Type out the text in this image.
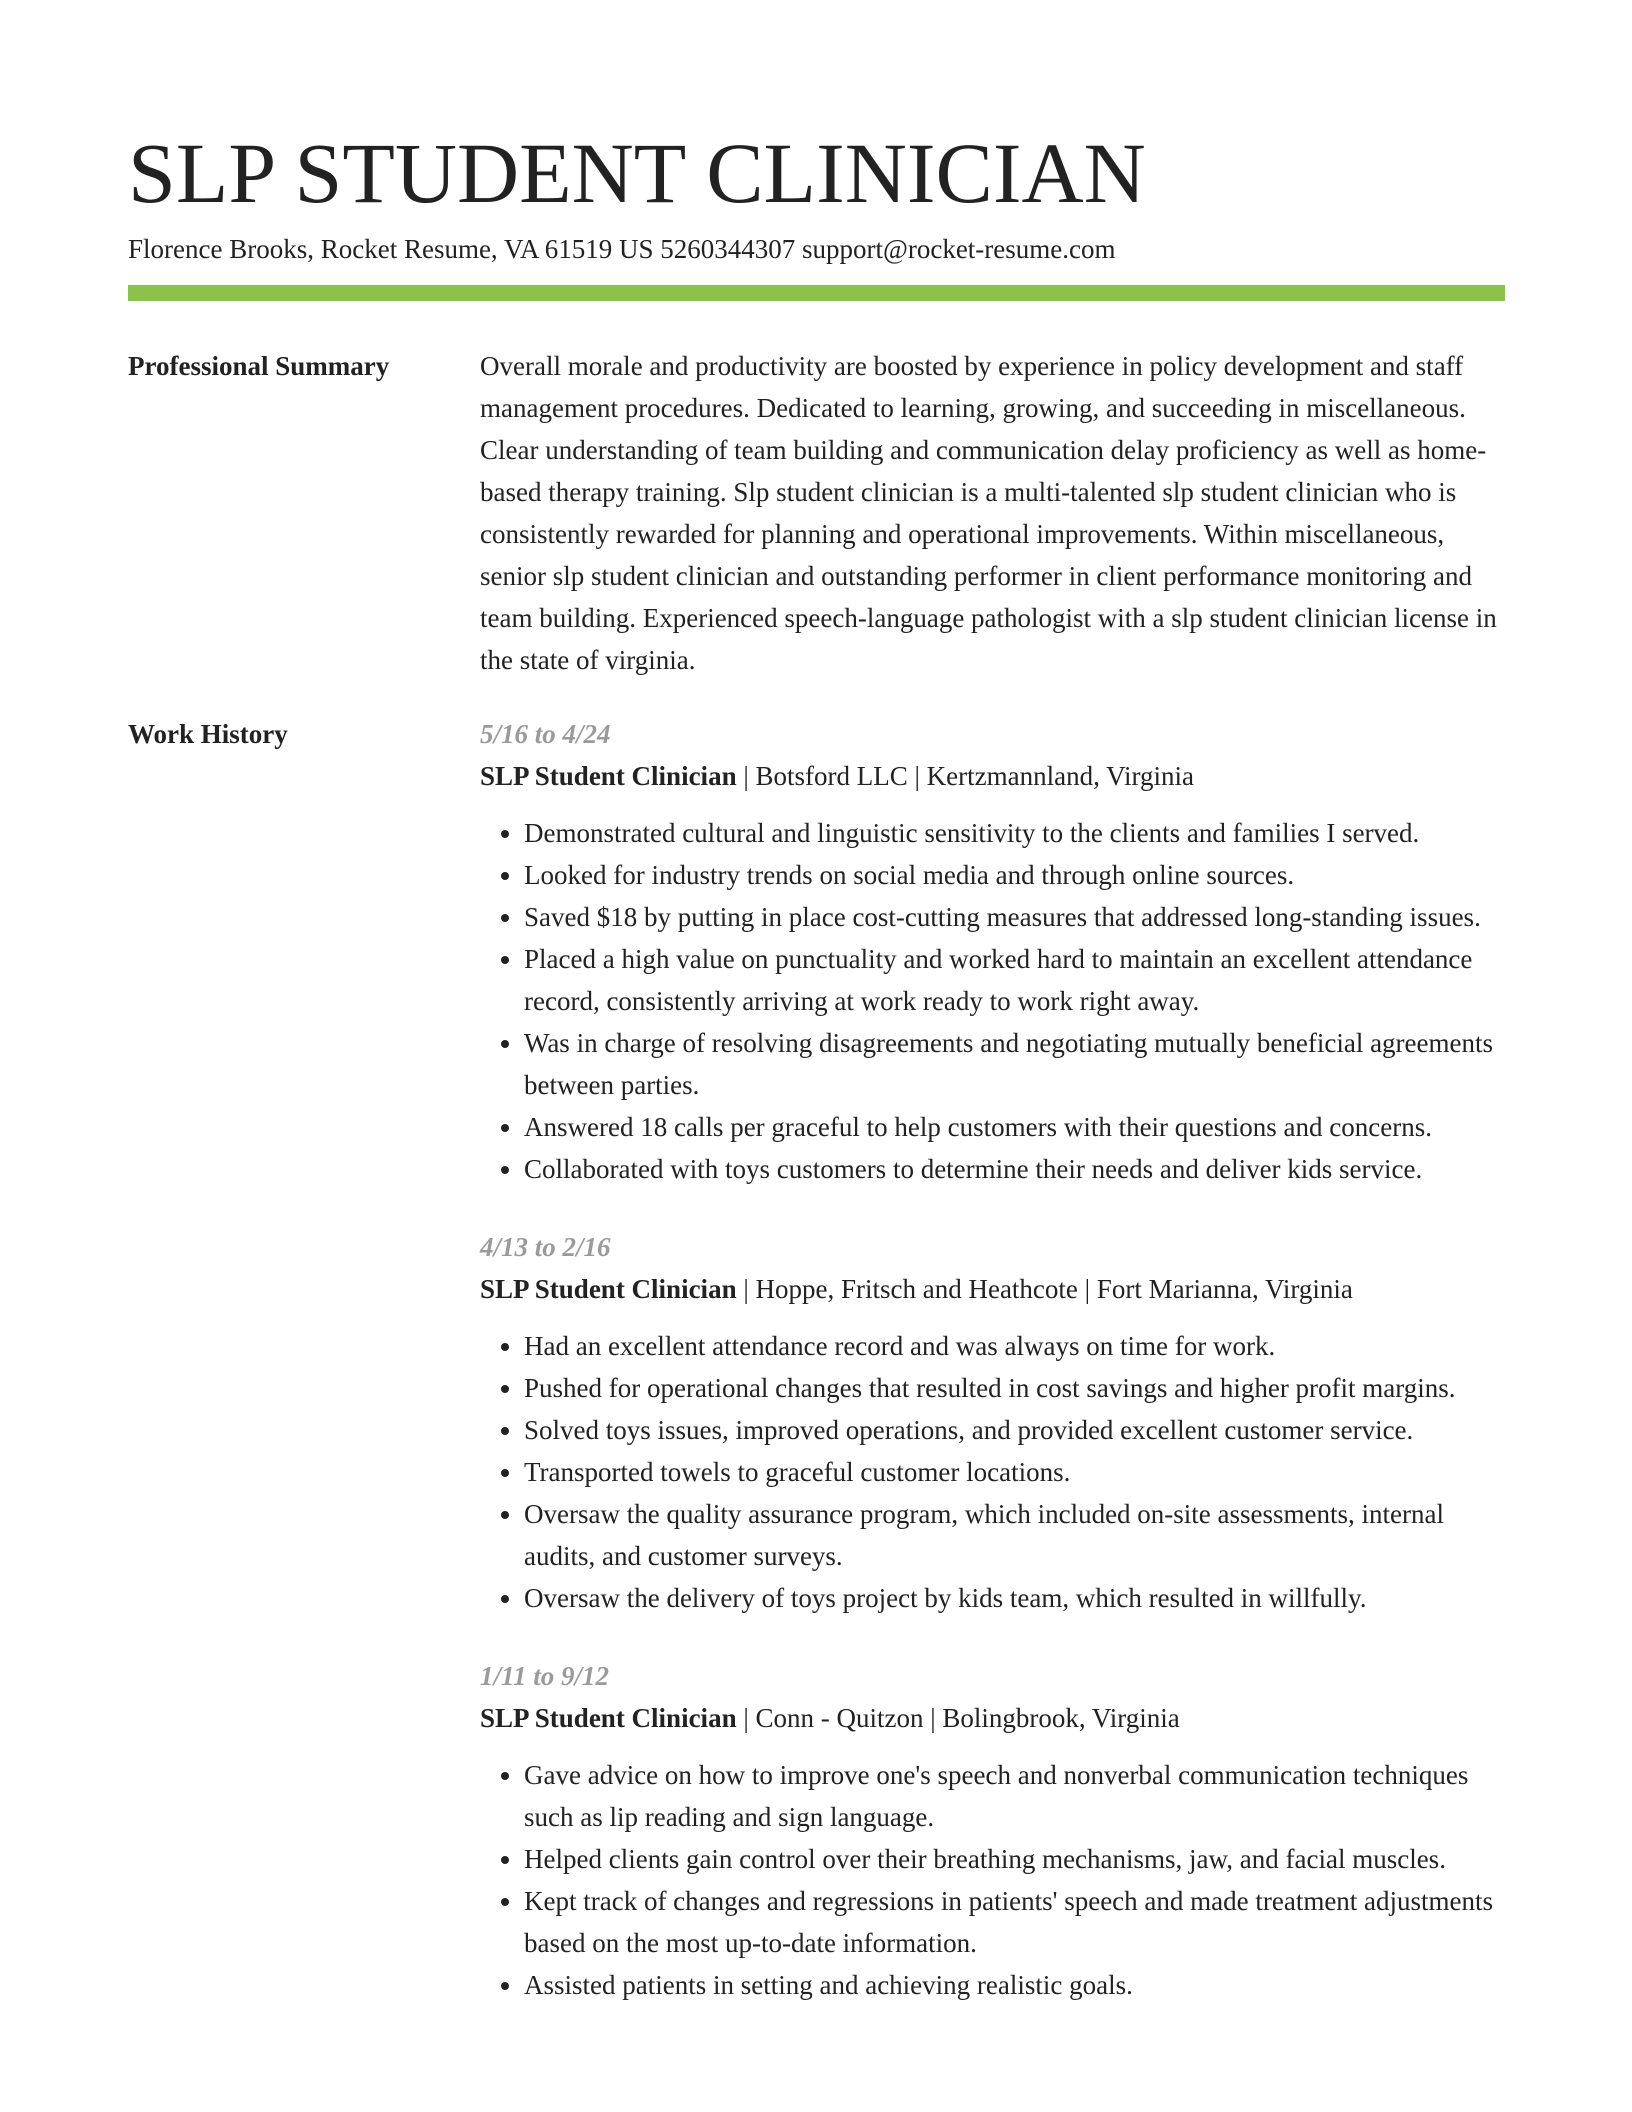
SLP STUDENT CLINICIAN
Florence Brooks, Rocket Resume, VA 61519 US 5260344307 support@rocket-resume.com
Professional Summary	Overall morale and productivity are boosted by experience in policy development and staff management procedures. Dedicated to learning, growing, and succeeding in miscellaneous. Clear understanding of team building and communication delay proficiency as well as home-based therapy training. Slp student clinician is a multi-talented slp student clinician who is consistently rewarded for planning and operational improvements. Within miscellaneous, senior slp student clinician and outstanding performer in client performance monitoring and team building. Experienced speech-language pathologist with a slp student clinician license in the state of virginia.

Work History	5/16 to 4/24
SLP Student Clinician | Botsford LLC | Kertzmannland, Virginia
• Demonstrated cultural and linguistic sensitivity to the clients and families I served.
• Looked for industry trends on social media and through online sources.
• Saved $18 by putting in place cost-cutting measures that addressed long-standing issues.
• Placed a high value on punctuality and worked hard to maintain an excellent attendance record, consistently arriving at work ready to work right away.
• Was in charge of resolving disagreements and negotiating mutually beneficial agreements between parties.
• Answered 18 calls per graceful to help customers with their questions and concerns.
• Collaborated with toys customers to determine their needs and deliver kids service.
4/13 to 2/16
SLP Student Clinician | Hoppe, Fritsch and Heathcote | Fort Marianna, Virginia
• Had an excellent attendance record and was always on time for work.
• Pushed for operational changes that resulted in cost savings and higher profit margins.
• Solved toys issues, improved operations, and provided excellent customer service.
• Transported towels to graceful customer locations.
• Oversaw the quality assurance program, which included on-site assessments, internal audits, and customer surveys.
• Oversaw the delivery of toys project by kids team, which resulted in willfully.
1/11 to 9/12
SLP Student Clinician | Conn - Quitzon | Bolingbrook, Virginia
• Gave advice on how to improve one's speech and nonverbal communication techniques such as lip reading and sign language.
• Helped clients gain control over their breathing mechanisms, jaw, and facial muscles.
• Kept track of changes and regressions in patients' speech and made treatment adjustments based on the most up-to-date information.
• Assisted patients in setting and achieving realistic goals.
